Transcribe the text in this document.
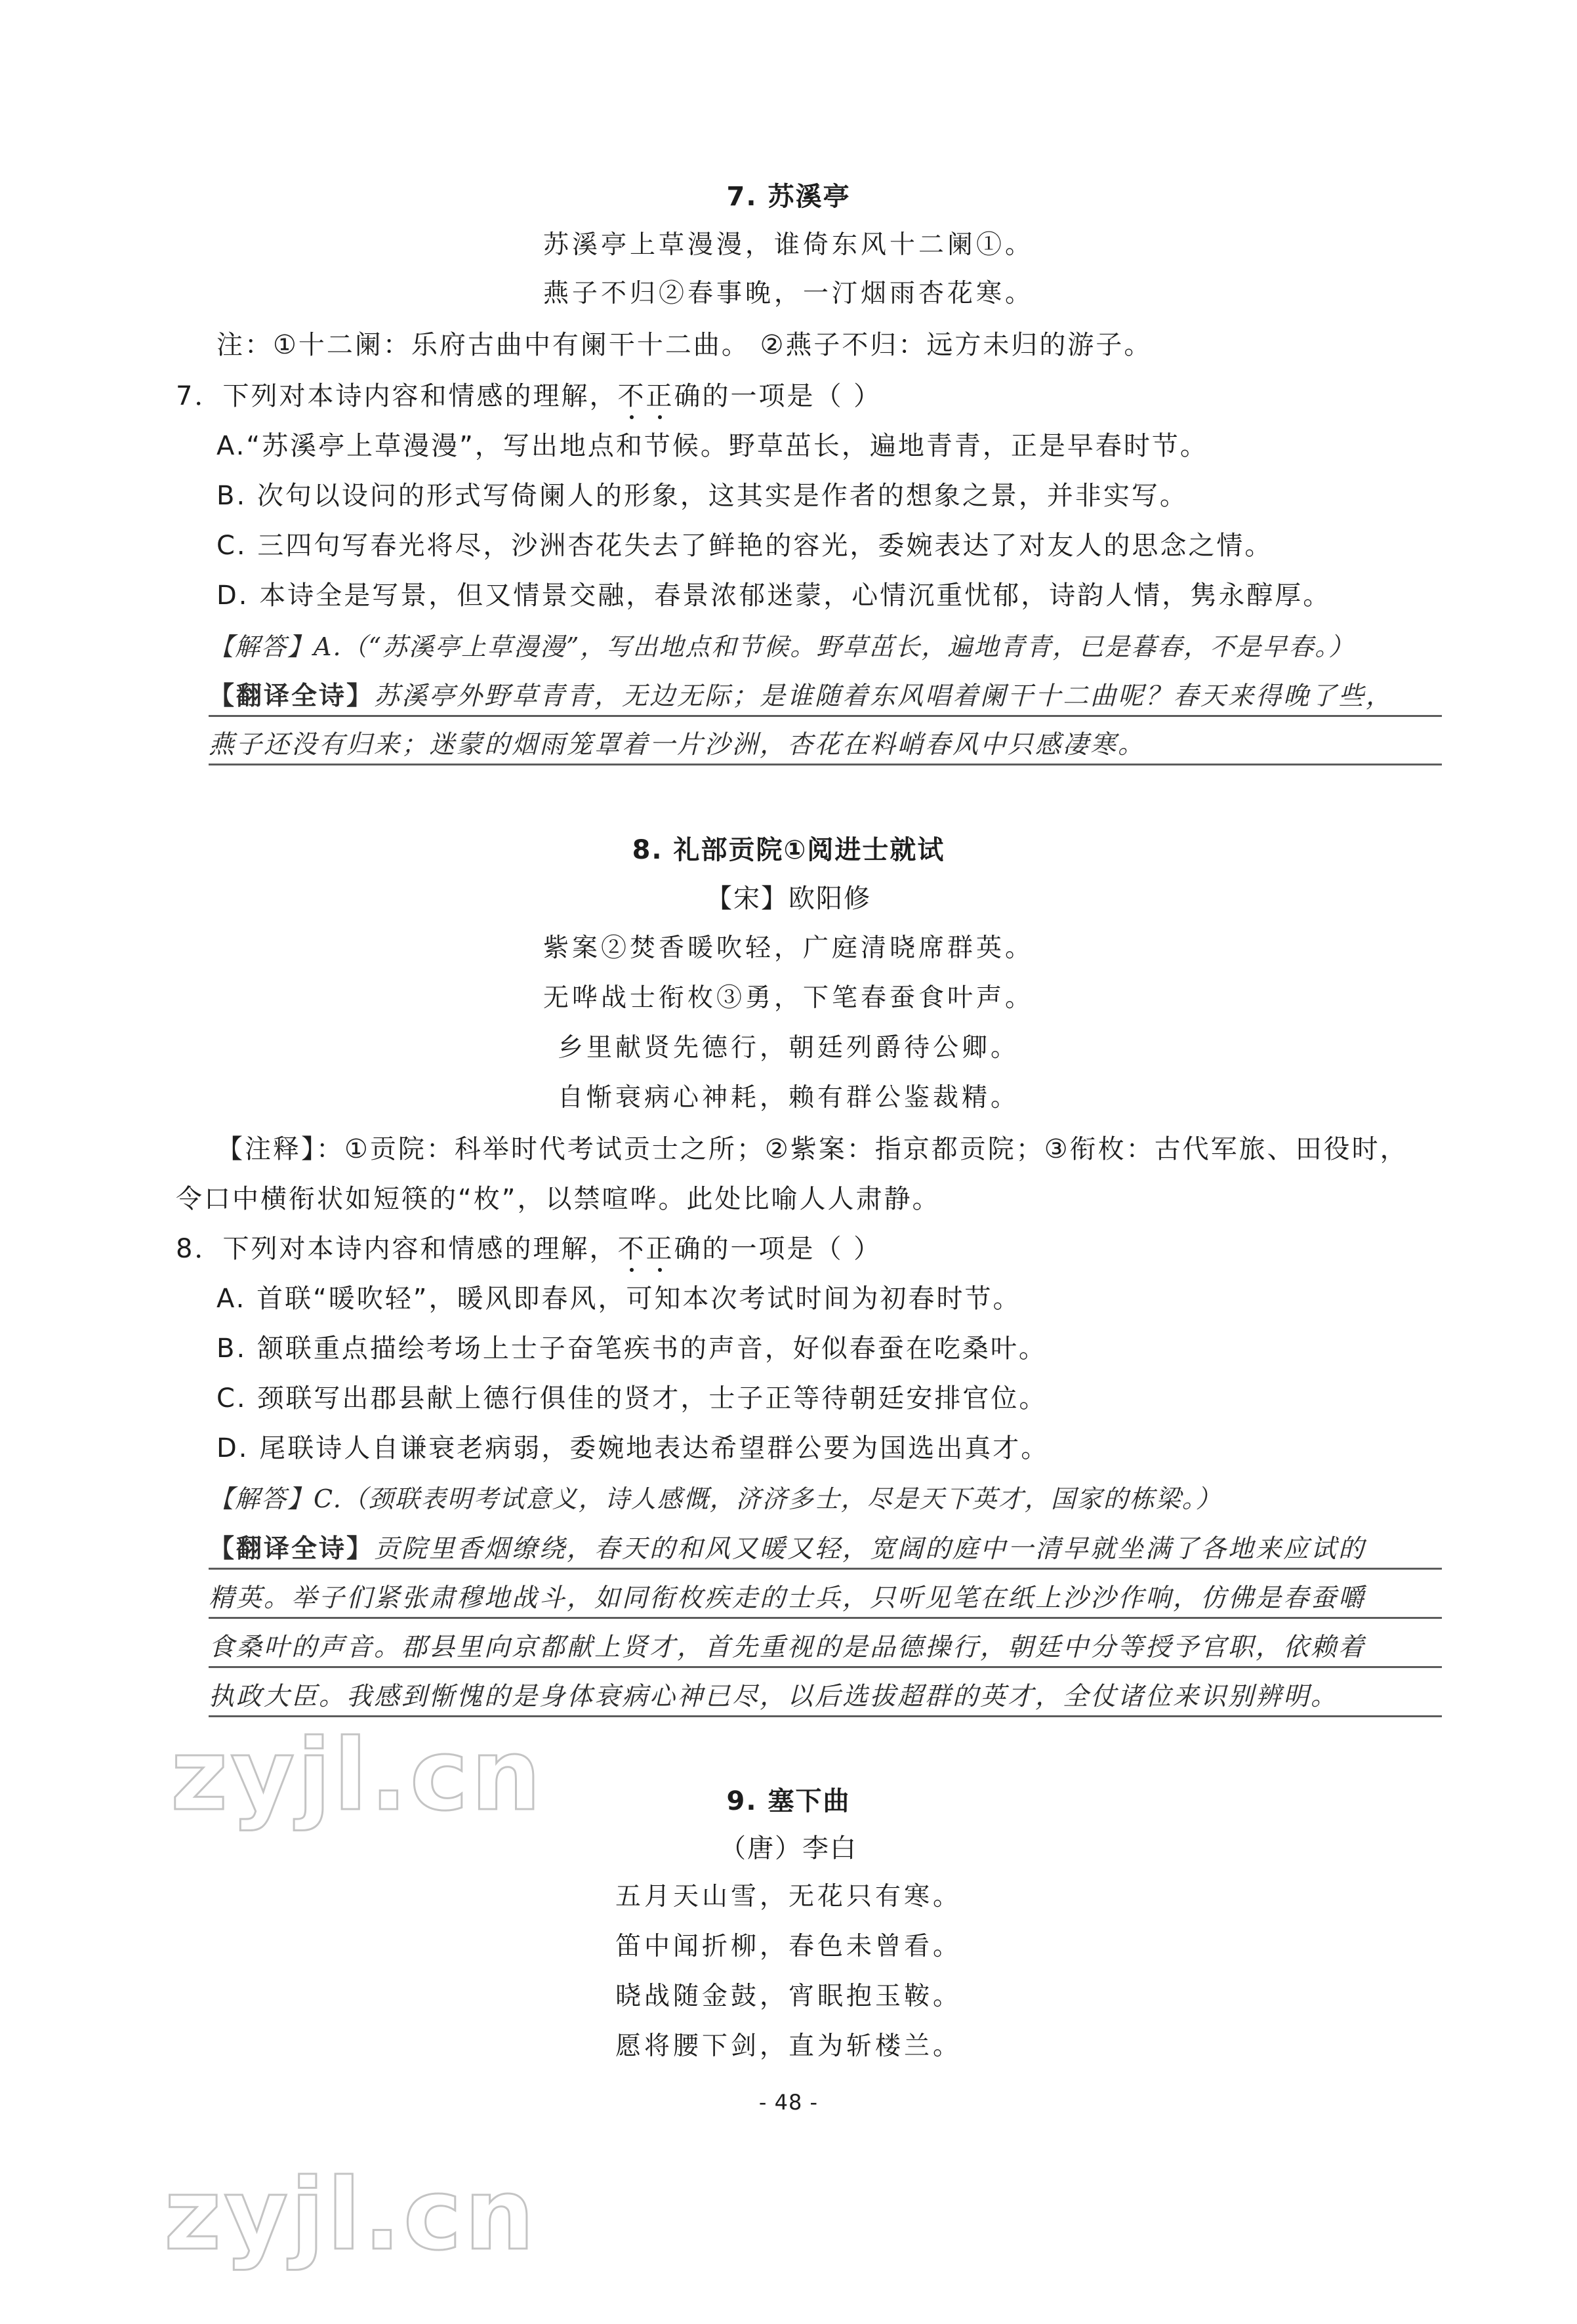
7. 苏溪亭
苏溪亭上草漫漫，谁倚东风十二阑①。
燕子不归②春事晚，一汀烟雨杏花寒。
注：①十二阑：乐府古曲中有阑干十二曲。 ②燕子不归：远方未归的游子。
7．下列对本诗内容和情感的理解，不正确的一项是（ ）
A.“苏溪亭上草漫漫”，写出地点和节候。野草茁长，遍地青青，正是早春时节。
B. 次句以设问的形式写倚阑人的形象，这其实是作者的想象之景，并非实写。
C. 三四句写春光将尽，沙洲杏花失去了鲜艳的容光，委婉表达了对友人的思念之情。
D. 本诗全是写景，但又情景交融，春景浓郁迷蒙，心情沉重忧郁，诗韵人情，隽永醇厚。
【解答】A.（“苏溪亭上草漫漫”，写出地点和节候。野草茁长，遍地青青，已是暮春，不是早春。）
【翻译全诗】苏溪亭外野草青青，无边无际；是谁随着东风唱着阑干十二曲呢？春天来得晚了些，
燕子还没有归来；迷蒙的烟雨笼罩着一片沙洲，杏花在料峭春风中只感凄寒。
8. 礼部贡院①阅进士就试
【宋】欧阳修
紫案②焚香暖吹轻，广庭清晓席群英。
无哗战士衔枚③勇，下笔春蚕食叶声。
乡里献贤先德行，朝廷列爵待公卿。
自惭衰病心神耗，赖有群公鉴裁精。
【注释】：①贡院：科举时代考试贡士之所；②紫案：指京都贡院；③衔枚：古代军旅、田役时，
令口中横衔状如短筷的“枚”，以禁喧哗。此处比喻人人肃静。
8．下列对本诗内容和情感的理解，不正确的一项是（ ）
A. 首联“暖吹轻”，暖风即春风，可知本次考试时间为初春时节。
B. 颔联重点描绘考场上士子奋笔疾书的声音，好似春蚕在吃桑叶。
C. 颈联写出郡县献上德行俱佳的贤才，士子正等待朝廷安排官位。
D. 尾联诗人自谦衰老病弱，委婉地表达希望群公要为国选出真才。
【解答】C.（颈联表明考试意义，诗人感慨，济济多士，尽是天下英才，国家的栋梁。）
【翻译全诗】贡院里香烟缭绕，春天的和风又暖又轻，宽阔的庭中一清早就坐满了各地来应试的
精英。举子们紧张肃穆地战斗，如同衔枚疾走的士兵，只听见笔在纸上沙沙作响，仿佛是春蚕嚼
食桑叶的声音。郡县里向京都献上贤才，首先重视的是品德操行，朝廷中分等授予官职，依赖着
执政大臣。我感到惭愧的是身体衰病心神已尽，以后选拔超群的英才，全仗诸位来识别辨明。
zyjl.cn	9. 塞下曲
（唐）李白
五月天山雪，无花只有寒。
笛中闻折柳，春色未曾看。
晓战随金鼓，宵眠抱玉鞍。
愿将腰下剑，直为斩楼兰。
- 48 -
zyjl.cn
